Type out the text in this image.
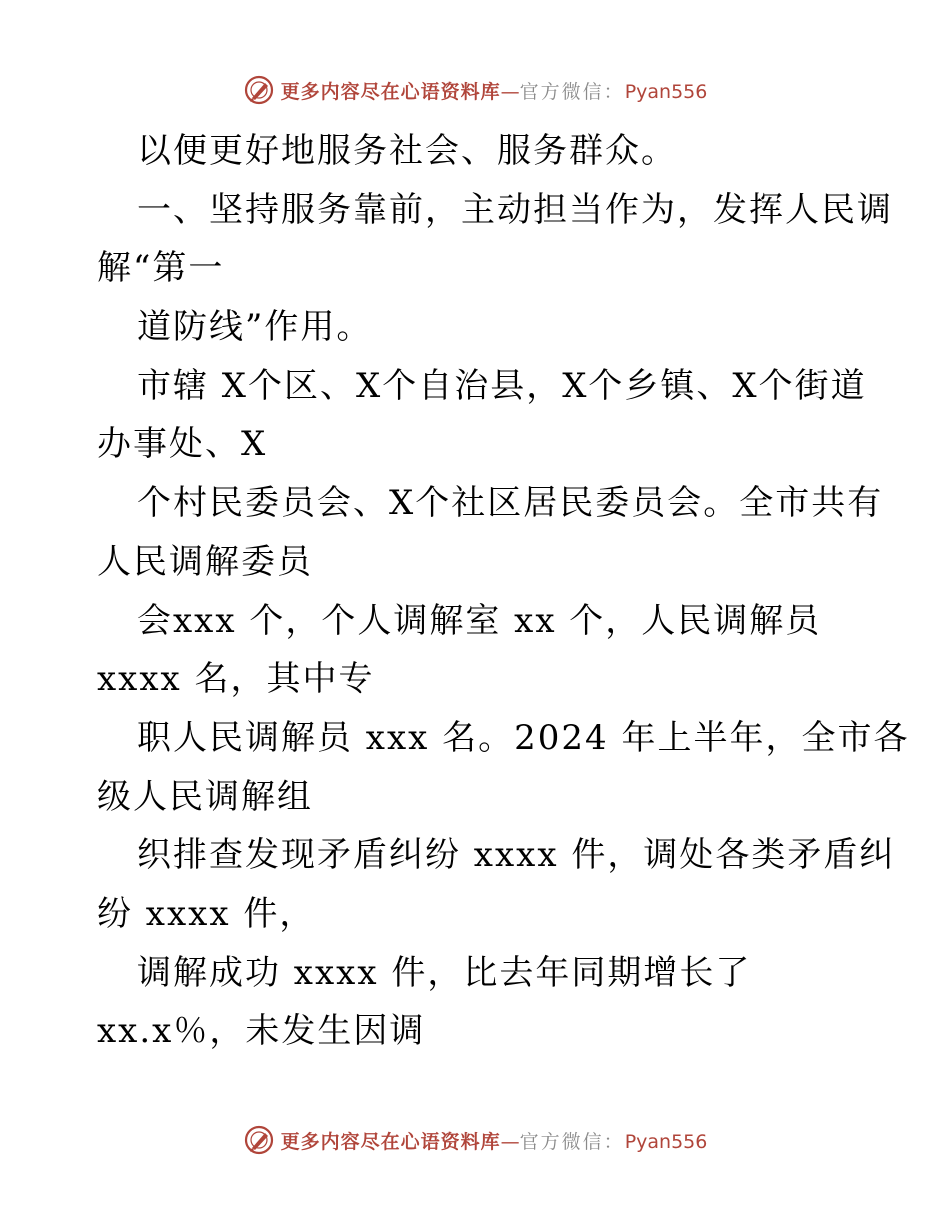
更多内容尽在心语资料库—官方微信：Pyan556
以便更好地服务社会、服务群众。
一、坚持服务靠前，主动担当作为，发挥人民调
解“第一
道防线”作用。
市辖 X个区、X个自治县，X个乡镇、X个街道
办事处、X
个村民委员会、X个社区居民委员会。全市共有
人民调解委员
会xxx 个，个人调解室 xx 个，人民调解员
xxxx 名，其中专
职人民调解员 xxx 名。2024 年上半年，全市各
级人民调解组
织排查发现矛盾纠纷 xxxx 件，调处各类矛盾纠
纷 xxxx 件，
调解成功 xxxx 件，比去年同期增长了
xx.x％，未发生因调
更多内容尽在心语资料库—官方微信：Pyan556
